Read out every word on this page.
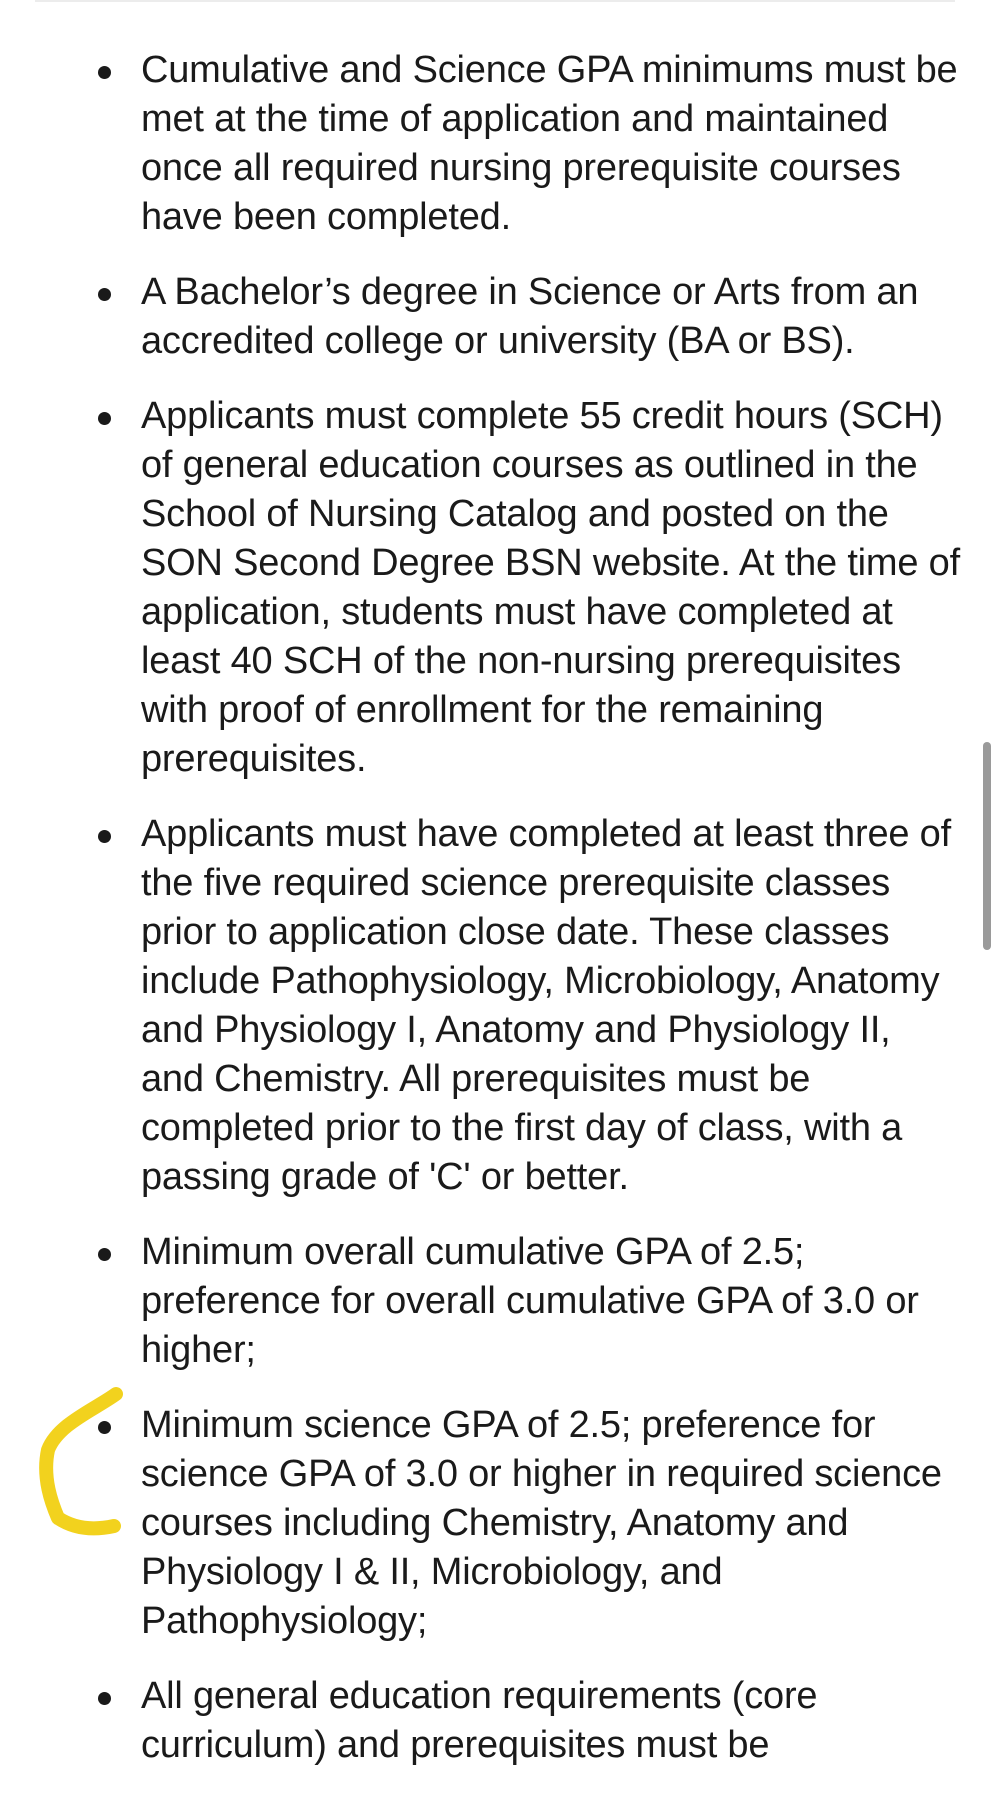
Cumulative and Science GPA minimums must be met at the time of application and maintained once all required nursing prerequisite courses have been completed.
A Bachelor’s degree in Science or Arts from an accredited college or university (BA or BS).
Applicants must complete 55 credit hours (SCH) of general education courses as outlined in the School of Nursing Catalog and posted on the SON Second Degree BSN website. At the time of application, students must have completed at least 40 SCH of the non-nursing prerequisites with proof of enrollment for the remaining prerequisites.
Applicants must have completed at least three of the five required science prerequisite classes prior to application close date. These classes include Pathophysiology, Microbiology, Anatomy and Physiology I, Anatomy and Physiology II, and Chemistry. All prerequisites must be completed prior to the first day of class, with a passing grade of 'C' or better.
Minimum overall cumulative GPA of 2.5; preference for overall cumulative GPA of 3.0 or higher;
Minimum science GPA of 2.5; preference for science GPA of 3.0 or higher in required science courses including Chemistry, Anatomy and Physiology I & II, Microbiology, and Pathophysiology;
All general education requirements (core curriculum) and prerequisites must be
